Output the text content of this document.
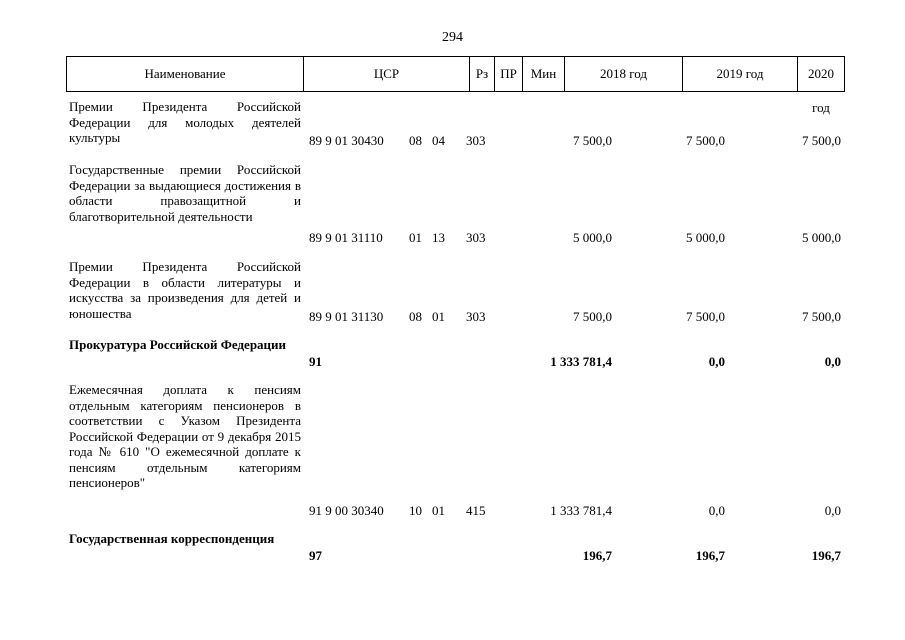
294
Наименование	ЦСР	Рз ПР	Мин	2018 год	2019 год	2020 год
Премии Президента Российской Федерации для молодых деятелей культуры	89 9 01 30430 08 04 303	7 500,0	7 500,0	7 500,0
Государственные премии Российской Федерации за выдающиеся достижения в области правозащитной и благотворительной деятельности
89 9 01 31110 01 13 303	5 000,0	5 000,0	5 000,0
Премии Президента Российской Федерации в области литературы и искусства за произведения для детей и юношества	89 9 01 31130 08 01 303	7 500,0	7 500,0	7 500,0
Прокуратура Российской Федерации
91	1 333 781,4	0,0	0,0
Ежемесячная доплата к пенсиям отдельным категориям пенсионеров в соответствии с Указом Президента Российской Федерации от 9 декабря 2015 года № 610 "О ежемесячной доплате к пенсиям отдельным категориям пенсионеров"
91 9 00 30340 10 01 415	1 333 781,4	0,0	0,0
Государственная корреспонденция
97	196,7	196,7	196,7
